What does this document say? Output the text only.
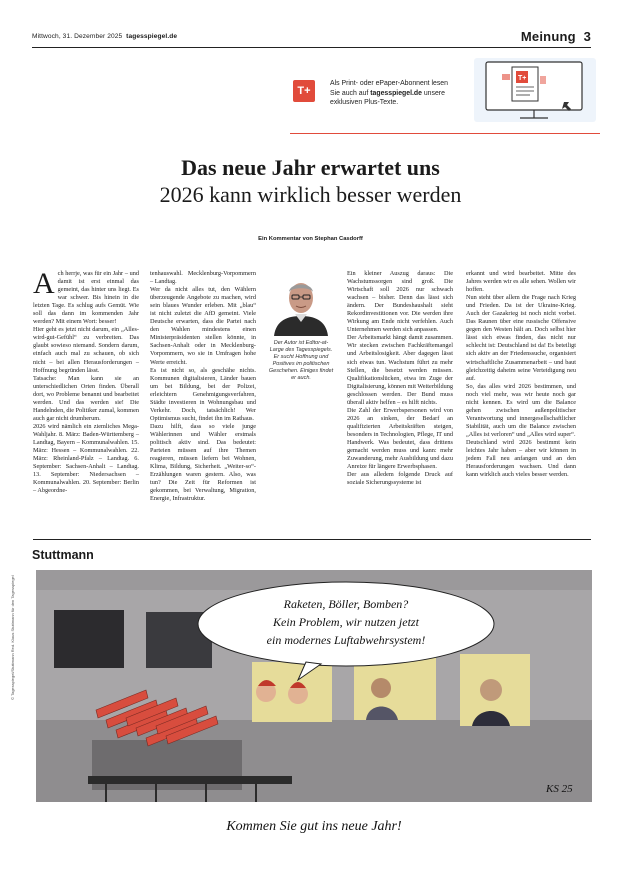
Mittwoch, 31. Dezember 2025 tagesspiegel.de	Meinung 3
T+
Als Print- oder ePaper-Abonnent lesen
Sie auch auf tagesspiegel.de unsere
exklusiven Plus-Texte.
T+
Das neue Jahr erwartet uns
2026 kann wirklich besser werden
Ein Kommentar von Stephan Casdorff

Ach herrje, was für ein Jahr – und damit ist erst einmal das gemeint, das hinter uns liegt. Es war schwer. Bis hinein in die letzten Tage. Es schlug aufs Gemüt. Wie soll das dann im kommenden Jahr werden? Mit einem Wort: besser!

Hier geht es jetzt nicht darum, ein „Alles-wird-gut-Gefühl“ zu verbreiten. Das glaubt sowieso niemand. Sondern darum, einfach auch mal zu schauen, ob sich nicht – bei allen Herausforderungen – Hoffnung begründen lässt.

Tatsache: Man kann sie an unterschiedlichen Orten finden. Überall dort, wo Probleme benannt und bearbeitet werden. Und das werden sie! Die Handelnden, die Politiker zumal, kommen auch gar nicht drumherum.

2026 wird nämlich ein ziemliches Mega-Wahljahr. 8. März: Baden-Württemberg – Landtag, Bayern – Kommunalwahlen. 15. März: Hessen – Kommunalwahlen. 22. März: Rheinland-Pfalz – Landtag. 6. September: Sachsen-Anhalt – Landtag. 13. September: Niedersachsen – Kommunalwahlen. 20. September: Berlin – Abgeordne-

tenhauswahl. Mecklenburg-Vorpommern – Landtag.

Wer da nicht alles tut, den Wählern überzeugende Angebote zu machen, wird sein blaues Wunder erleben. Mit „blau“ ist nicht zuletzt die AfD gemeint. Viele Deutsche erwarten, dass die Partei nach den Wahlen mindestens einen Ministerpräsidenten stellen könnte, in Sachsen-Anhalt oder in Mecklenburg-Vorpommern, wo sie in Umfragen hohe Werte erreicht.

Es ist nicht so, als geschähe nichts. Kommunen digitalisieren, Länder bauen um bei Bildung, bei der Polizei, erleichtern Genehmigungsverfahren, Städte investieren in Wohnungsbau und Verkehr. Doch, tatsächlich! Wer Optimismus sucht, findet ihn im Rathaus.

Dazu hilft, dass so viele junge Wählerinnen und Wähler erstmals politisch aktiv sind. Das bedeutet: Parteien müssen auf ihre Themen reagieren, müssen liefern bei Wohnen, Klima, Bildung, Sicherheit. „Weiter-so“-Erzählungen waren gestern. Also, was tun? Die Zeit für Reformen ist gekommen, bei Verwaltung, Migration, Energie, Infrastruktur.

Der Autor ist Editor-at-Large des Tagesspiegels. Er sucht Hoffnung und Positives im politischen Geschehen. Einiges findet er auch.

Ein kleiner Auszug daraus: Die Wachstumssorgen sind groß. Die Wirtschaft soll 2026 nur schwach wachsen – bisher. Denn das lässt sich ändern. Der Bundeshaushalt sieht Rekordinvestitionen vor. Die werden ihre Wirkung am Ende nicht verfehlen. Auch Unternehmen werden sich anpassen.

Der Arbeitsmarkt hängt damit zusammen. Wir stecken zwischen Fachkräftemangel und Arbeitslosigkeit. Aber dagegen lässt sich etwas tun. Wachstum führt zu mehr Stellen, die besetzt werden müssen. Qualifikationslücken, etwa im Zuge der Digitalisierung, können mit Weiterbildung geschlossen werden. Der Bund muss überall aktiv helfen – es hilft nichts.

Die Zahl der Erwerbspersonen wird von 2026 an sinken, der Bedarf an qualifizierten Arbeitskräften steigen, besonders in Technologien, Pflege, IT und Handwerk. Was bedeutet, dass drittens gemacht werden muss und kann: mehr Zuwanderung, mehr Ausbildung und dazu Anreize für längere Erwerbsphasen.

Der aus alledem folgende Druck auf soziale Sicherungssysteme ist

erkannt und wird bearbeitet. Mitte des Jahres werden wir es alle sehen. Wollen wir hoffen.

Nun steht über allem die Frage nach Krieg und Frieden. Da ist der Ukraine-Krieg. Auch der Gazakrieg ist noch nicht vorbei. Das Raunen über eine russische Offensive gegen den Westen hält an. Doch selbst hier lässt sich etwas finden, das nicht nur schlecht ist: Deutschland ist da! Es beteiligt sich aktiv an der Friedenssuche, organisiert wirtschaftliche Zusammenarbeit – und baut gleichzeitig daheim seine Verteidigung neu auf.

So, das alles wird 2026 bestimmen, und noch viel mehr, was wir heute noch gar nicht kennen. Es wird um die Balance gehen zwischen außenpolitischer Verantwortung und innergesellschaftlicher Stabilität, auch um die Balance zwischen „Alles ist verloren“ und „Alles wird super“.

Deutschland wird 2026 bestimmt kein leichtes Jahr haben – aber wir können in jedem Fall neu anfangen und an den Herausforderungen wachsen. Und dann kann wirklich auch vieles besser werden.

Stuttmann
Raketen, Böller, Bomben?
Kein Problem, wir nutzen jetzt
ein modernes Luftabwehrsystem!
KS 25
Kommen Sie gut ins neue Jahr!
© Tagesspiegel/Stuttmann Red. Klaus Stuttmann für den Tagesspiegel
